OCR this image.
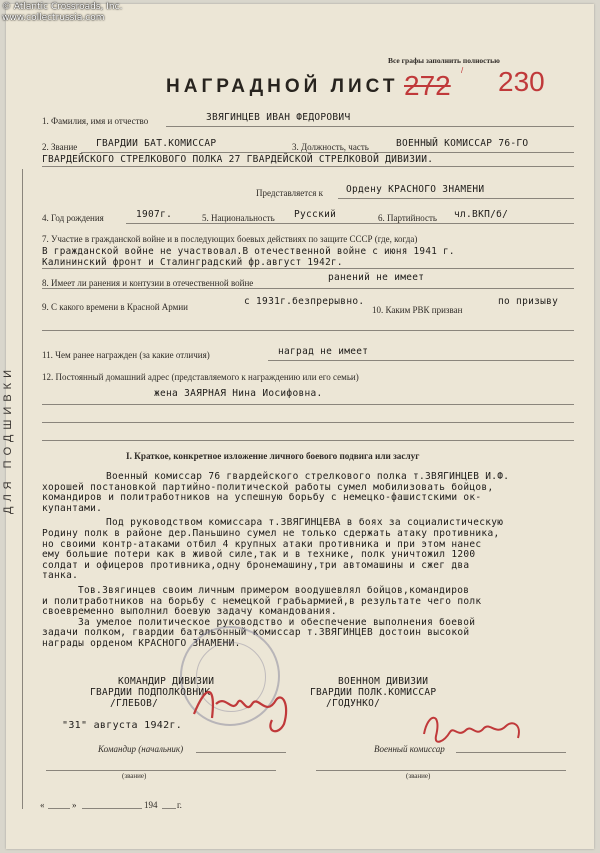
ДЛЯ ПОДШИВКИ
Все графы заполнить полностью
НАГРАДНОЙ ЛИСТ 272 / 230
1. Фамилия, имя и отчество	ЗВЯГИНЦЕВ ИВАН ФЕДОРОВИЧ
2. Звание ГВАРДИИ БАТ.КОМИССАР	3. Должность, часть	ВОЕННЫЙ КОМИССАР 76-ГО
ГВАРДЕЙСКОГО СТРЕЛКОВОГО ПОЛКА 27 ГВАРДЕЙСКОЙ СТРЕЛКОВОЙ ДИВИЗИИ.
Представляется к Ордену КРАСНОГО ЗНАМЕНИ
4. Год рождения	1907г.	5. Национальность Русский	6. Партийность чл.ВКП/б/
7. Участие в гражданской войне и в последующих боевых действиях по защите СССР (где, когда)
В гражданской войне не участвовал.В отечественной войне с июня 1941 г.
Калининский фронт и Сталинградский фр.август 1942г.
8. Имеет ли ранения и контузии в отечественной войне	ранений не имеет
9. С какого времени в Красной Армии	с 1931г.безпрерывно.
10. Каким РВК призван
по призыву
11. Чем ранее награжден (за какие отличия)	наград не имеет
12. Постоянный домашний адрес (представляемого к награждению или его семьи)
жена ЗАЯРНАЯ Нина Иосифовна.
I. Краткое, конкретное изложение личного боевого подвига или заслуг

Военный комиссар 76 гвардейского стрелкового полка т.ЗВЯГИНЦЕВ И.Ф.

хорошей постановкой партийно-политической работы сумел мобилизовать бойцов,

командиров и политработников на успешную борьбу с немецко-фашистскими ок-

купантами.

Под руководством комиссара т.ЗВЯГИНЦЕВА в боях за социалистическую

Родину полк в районе дер.Паньшино сумел не только сдержать атаку противника,

но своими контр-атаками отбил 4 крупных атаки противника и при этом нанес

ему большие потери как в живой силе,так и в технике, полк уничтожил 1200

солдат и офицеров противника,одну бронемашину,три автомашины и сжег два

танка.

Тов.Звягинцев своим личным примером воодушевлял бойцов,командиров

и политработников на борьбу с немецкой грабьармией,в результате чего полк

своевременно выполнил боевую задачу командования.

За умелое политическое руководство и обеспечение выполнения боевой

задачи полком, гвардии батальонный комиссар т.ЗВЯГИНЦЕВ достоин высокой

награды орденом КРАСНОГО ЗНАМЕНИ.

КОМАНДИР ДИВИЗИИ
ГВАРДИИ ПОДПОЛКОВНИК
/ГЛЕБОВ/
ВОЕННОМ ДИВИЗИИ
ГВАРДИИ ПОЛК.КОМИССАР
/ГОДУНКО/
"31" августа 1942г.
Командир (начальник)	Военный комиссар
(звание)	(звание)
«	»	194 г.
© Atlantic Crossroads, Inc.
www.collectrussia.com
